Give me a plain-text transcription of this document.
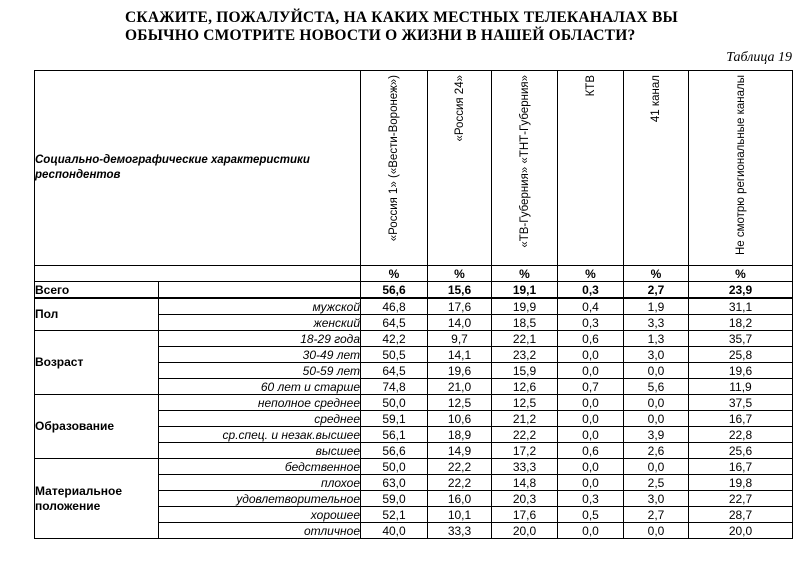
СКАЖИТЕ, ПОЖАЛУЙСТА, НА КАКИХ МЕСТНЫХ ТЕЛЕКАНАЛАХ ВЫ
ОБЫЧНО СМОТРИТЕ НОВОСТИ О ЖИЗНИ В НАШЕЙ ОБЛАСТИ?
Таблица 19
Социально-демографические характеристики респондентов		«Россия 1» («Вести-Воронеж»)	«Россия 24»	«ТВ-Губерния» «ТНТ-Губерния»	КТВ	41 канал	Не смотрю региональные каналы

		%	%	%	%	%	%
Всего		56,6	15,6	19,1	0,3	2,7	23,9
Пол	мужской	46,8	17,6	19,9	0,4	1,9	31,1
	женский	64,5	14,0	18,5	0,3	3,3	18,2
Возраст	18-29 года	42,2	9,7	22,1	0,6	1,3	35,7
	30-49 лет	50,5	14,1	23,2	0,0	3,0	25,8
	50-59 лет	64,5	19,6	15,9	0,0	0,0	19,6
	60 лет и старше	74,8	21,0	12,6	0,7	5,6	11,9
Образование	неполное среднее	50,0	12,5	12,5	0,0	0,0	37,5
	среднее	59,1	10,6	21,2	0,0	0,0	16,7
	ср.спец. и незак.высшее	56,1	18,9	22,2	0,0	3,9	22,8
	высшее	56,6	14,9	17,2	0,6	2,6	25,6
Материальное положение	бедственное	50,0	22,2	33,3	0,0	0,0	16,7
	плохое	63,0	22,2	14,8	0,0	2,5	19,8
	удовлетворительное	59,0	16,0	20,3	0,3	3,0	22,7
	хорошее	52,1	10,1	17,6	0,5	2,7	28,7
	отличное	40,0	33,3	20,0	0,0	0,0	20,0
